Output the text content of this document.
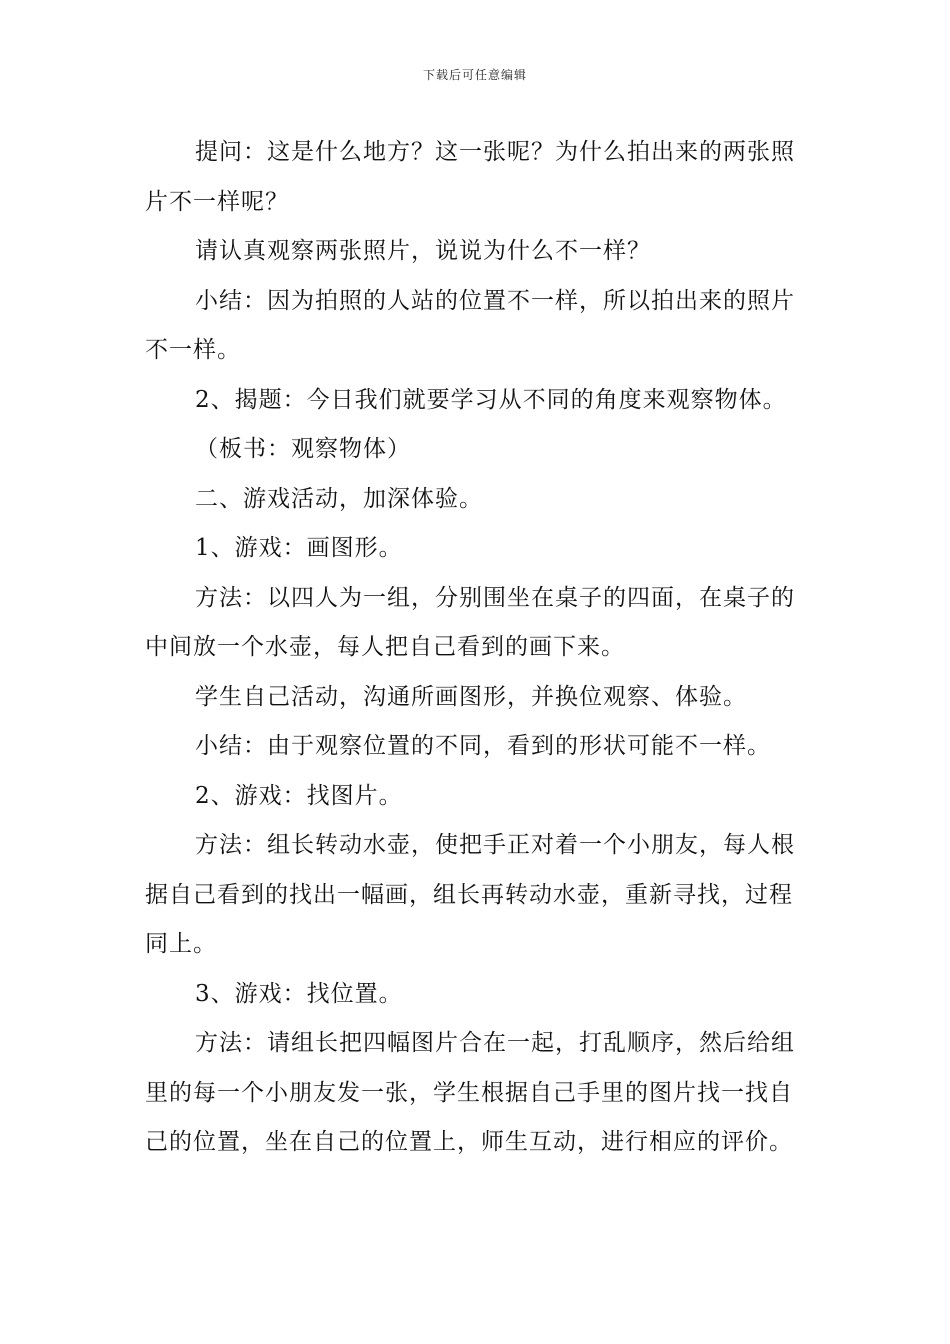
下载后可任意编辑

提问：这是什么地方？这一张呢？为什么拍出来的两张照片不一样呢？

请认真观察两张照片，说说为什么不一样？

小结：因为拍照的人站的位置不一样，所以拍出来的照片不一样。

2、揭题：今日我们就要学习从不同的角度来观察物体。

（板书：观察物体）

二、游戏活动，加深体验。

1、游戏：画图形。

方法：以四人为一组，分别围坐在桌子的四面，在桌子的中间放一个水壶，每人把自己看到的画下来。

学生自己活动，沟通所画图形，并换位观察、体验。

小结：由于观察位置的不同，看到的形状可能不一样。

2、游戏：找图片。

方法：组长转动水壶，使把手正对着一个小朋友，每人根据自己看到的找出一幅画，组长再转动水壶，重新寻找，过程同上。

3、游戏：找位置。

方法：请组长把四幅图片合在一起，打乱顺序，然后给组里的每一个小朋友发一张，学生根据自己手里的图片找一找自己的位置，坐在自己的位置上，师生互动，进行相应的评价。
